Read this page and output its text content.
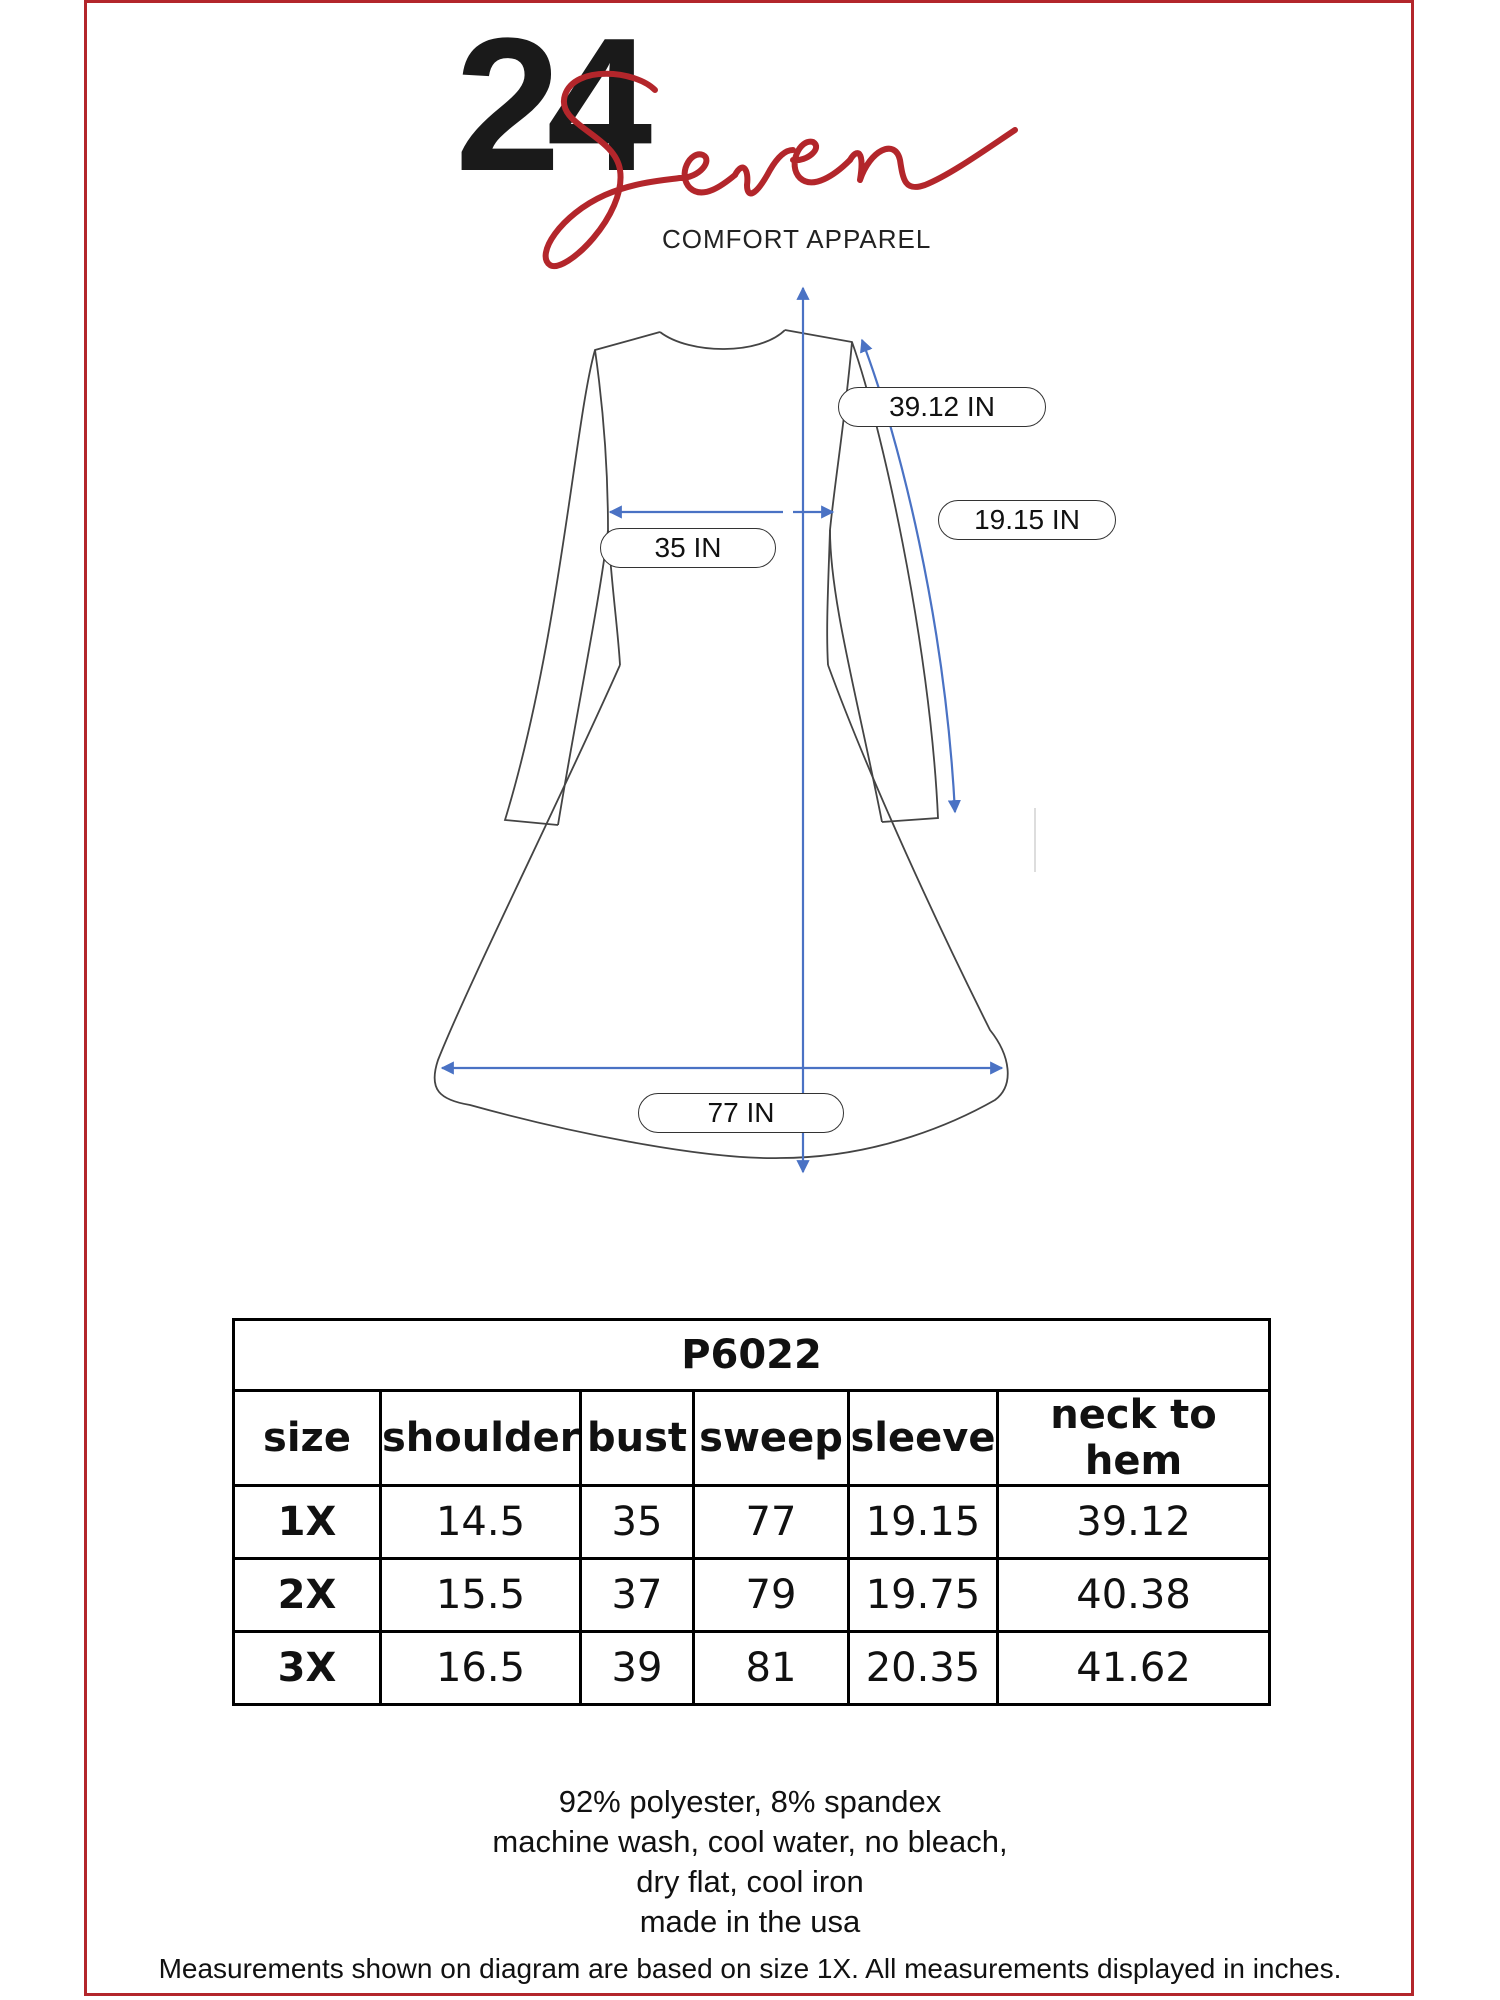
24
COMFORT APPAREL
39.12 IN
19.15 IN
35 IN
77 IN
P6022					
size	shoulder	bust	sweep	sleeve	neck to hem
1X	14.5	35	77	19.15	39.12
2X	15.5	37	79	19.75	40.38
3X	16.5	39	81	20.35	41.62
92% polyester, 8% spandex
machine wash, cool water, no bleach,
dry flat, cool iron
made in the usa
Measurements shown on diagram are based on size 1X. All measurements displayed in inches.
